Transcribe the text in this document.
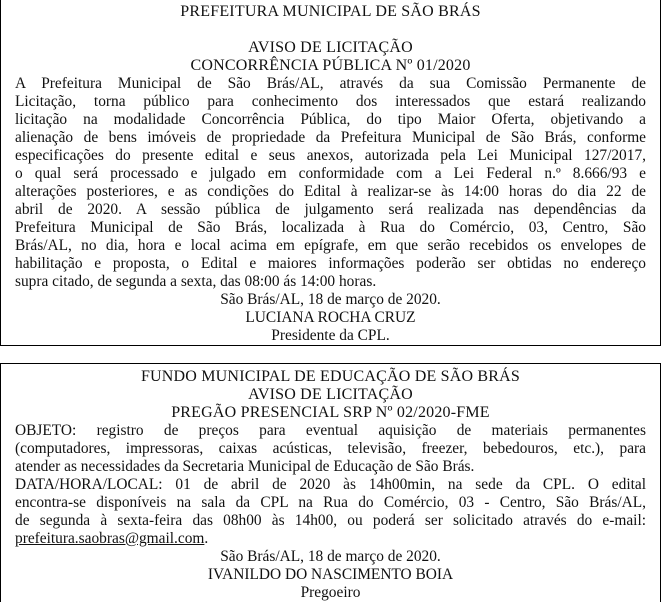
PREFEITURA MUNICIPAL DE SÃO BRÁS
AVISO DE LICITAÇÃO
CONCORRÊNCIA PÚBLICA Nº 01/2020
A Prefeitura Municipal de São Brás/AL, através da sua Comissão Permanente de
Licitação, torna público para conhecimento dos interessados que estará realizando
licitação na modalidade Concorrência Pública, do tipo Maior Oferta, objetivando a
alienação de bens imóveis de propriedade da Prefeitura Municipal de São Brás, conforme
especificações do presente edital e seus anexos, autorizada pela Lei Municipal 127/2017,
o qual será processado e julgado em conformidade com a Lei Federal n.º 8.666/93 e
alterações posteriores, e as condições do Edital à realizar-se às 14:00 horas do dia 22 de
abril de 2020. A sessão pública de julgamento será realizada nas dependências da
Prefeitura Municipal de São Brás, localizada à Rua do Comércio, 03, Centro, São
Brás/AL, no dia, hora e local acima em epígrafe, em que serão recebidos os envelopes de
habilitação e proposta, o Edital e maiores informações poderão ser obtidas no endereço
supra citado, de segunda a sexta, das 08:00 ás 14:00 horas.
São Brás/AL, 18 de março de 2020.
LUCIANA ROCHA CRUZ
Presidente da CPL.
FUNDO MUNICIPAL DE EDUCAÇÃO DE SÃO BRÁS
AVISO DE LICITAÇÃO
PREGÃO PRESENCIAL SRP Nº 02/2020-FME
OBJETO: registro de preços para eventual aquisição de materiais permanentes
(computadores, impressoras, caixas acústicas, televisão, freezer, bebedouros, etc.), para
atender as necessidades da Secretaria Municipal de Educação de São Brás.
DATA/HORA/LOCAL: 01 de abril de 2020 às 14h00min, na sede da CPL. O edital
encontra-se disponíveis na sala da CPL na Rua do Comércio, 03 - Centro, São Brás/AL,
de segunda à sexta-feira das 08h00 às 14h00, ou poderá ser solicitado através do e-mail:
prefeitura.saobras@gmail.com.
São Brás/AL, 18 de março de 2020.
IVANILDO DO NASCIMENTO BOIA
Pregoeiro
